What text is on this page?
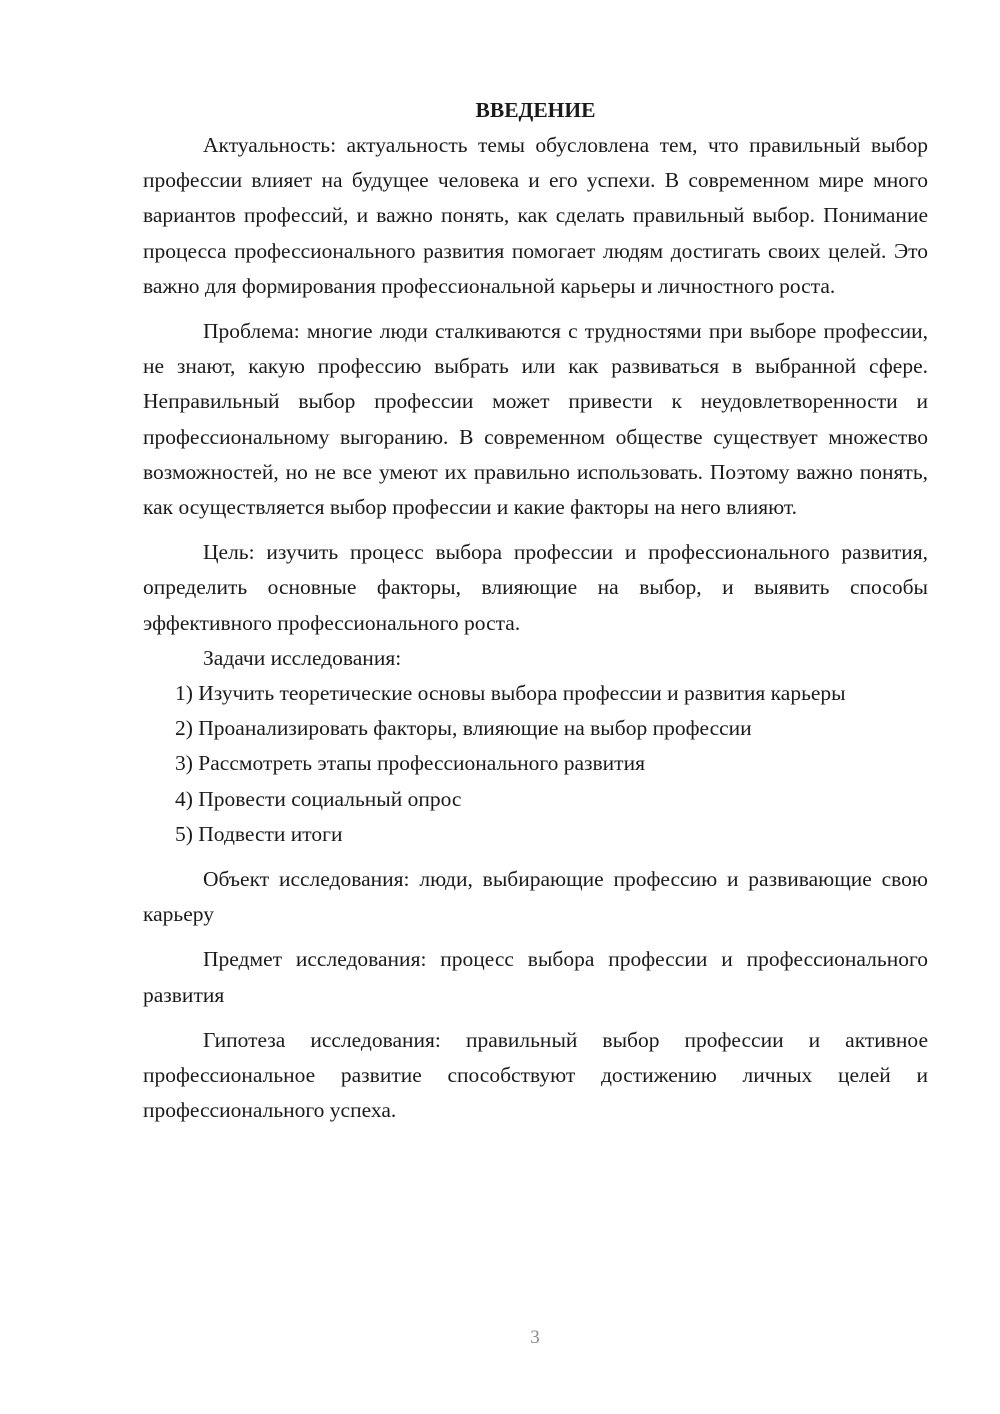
ВВЕДЕНИЕ

Актуальность: актуальность темы обусловлена тем, что правильный выбор профессии влияет на будущее человека и его успехи. В современном мире много вариантов профессий, и важно понять, как сделать правильный выбор. Понимание процесса профессионального развития помогает людям достигать своих целей. Это важно для формирования профессиональной карьеры и личностного роста.

Проблема: многие люди сталкиваются с трудностями при выборе профессии, не знают, какую профессию выбрать или как развиваться в выбранной сфере. Неправильный выбор профессии может привести к неудовлетворенности и профессиональному выгоранию. В современном обществе существует множество возможностей, но не все умеют их правильно использовать. Поэтому важно понять, как осуществляется выбор профессии и какие факторы на него влияют.

Цель: изучить процесс выбора профессии и профессионального развития, определить основные факторы, влияющие на выбор, и выявить способы эффективного профессионального роста.

Задачи исследования:

1) Изучить теоретические основы выбора профессии и развития карьеры

2) Проанализировать факторы, влияющие на выбор профессии

3) Рассмотреть этапы профессионального развития

4) Провести социальный опрос

5) Подвести итоги

Объект исследования: люди, выбирающие профессию и развивающие свою карьеру

Предмет исследования: процесс выбора профессии и профессионального развития

Гипотеза исследования: правильный выбор профессии и активное профессиональное развитие способствуют достижению личных целей и профессионального успеха.

3
